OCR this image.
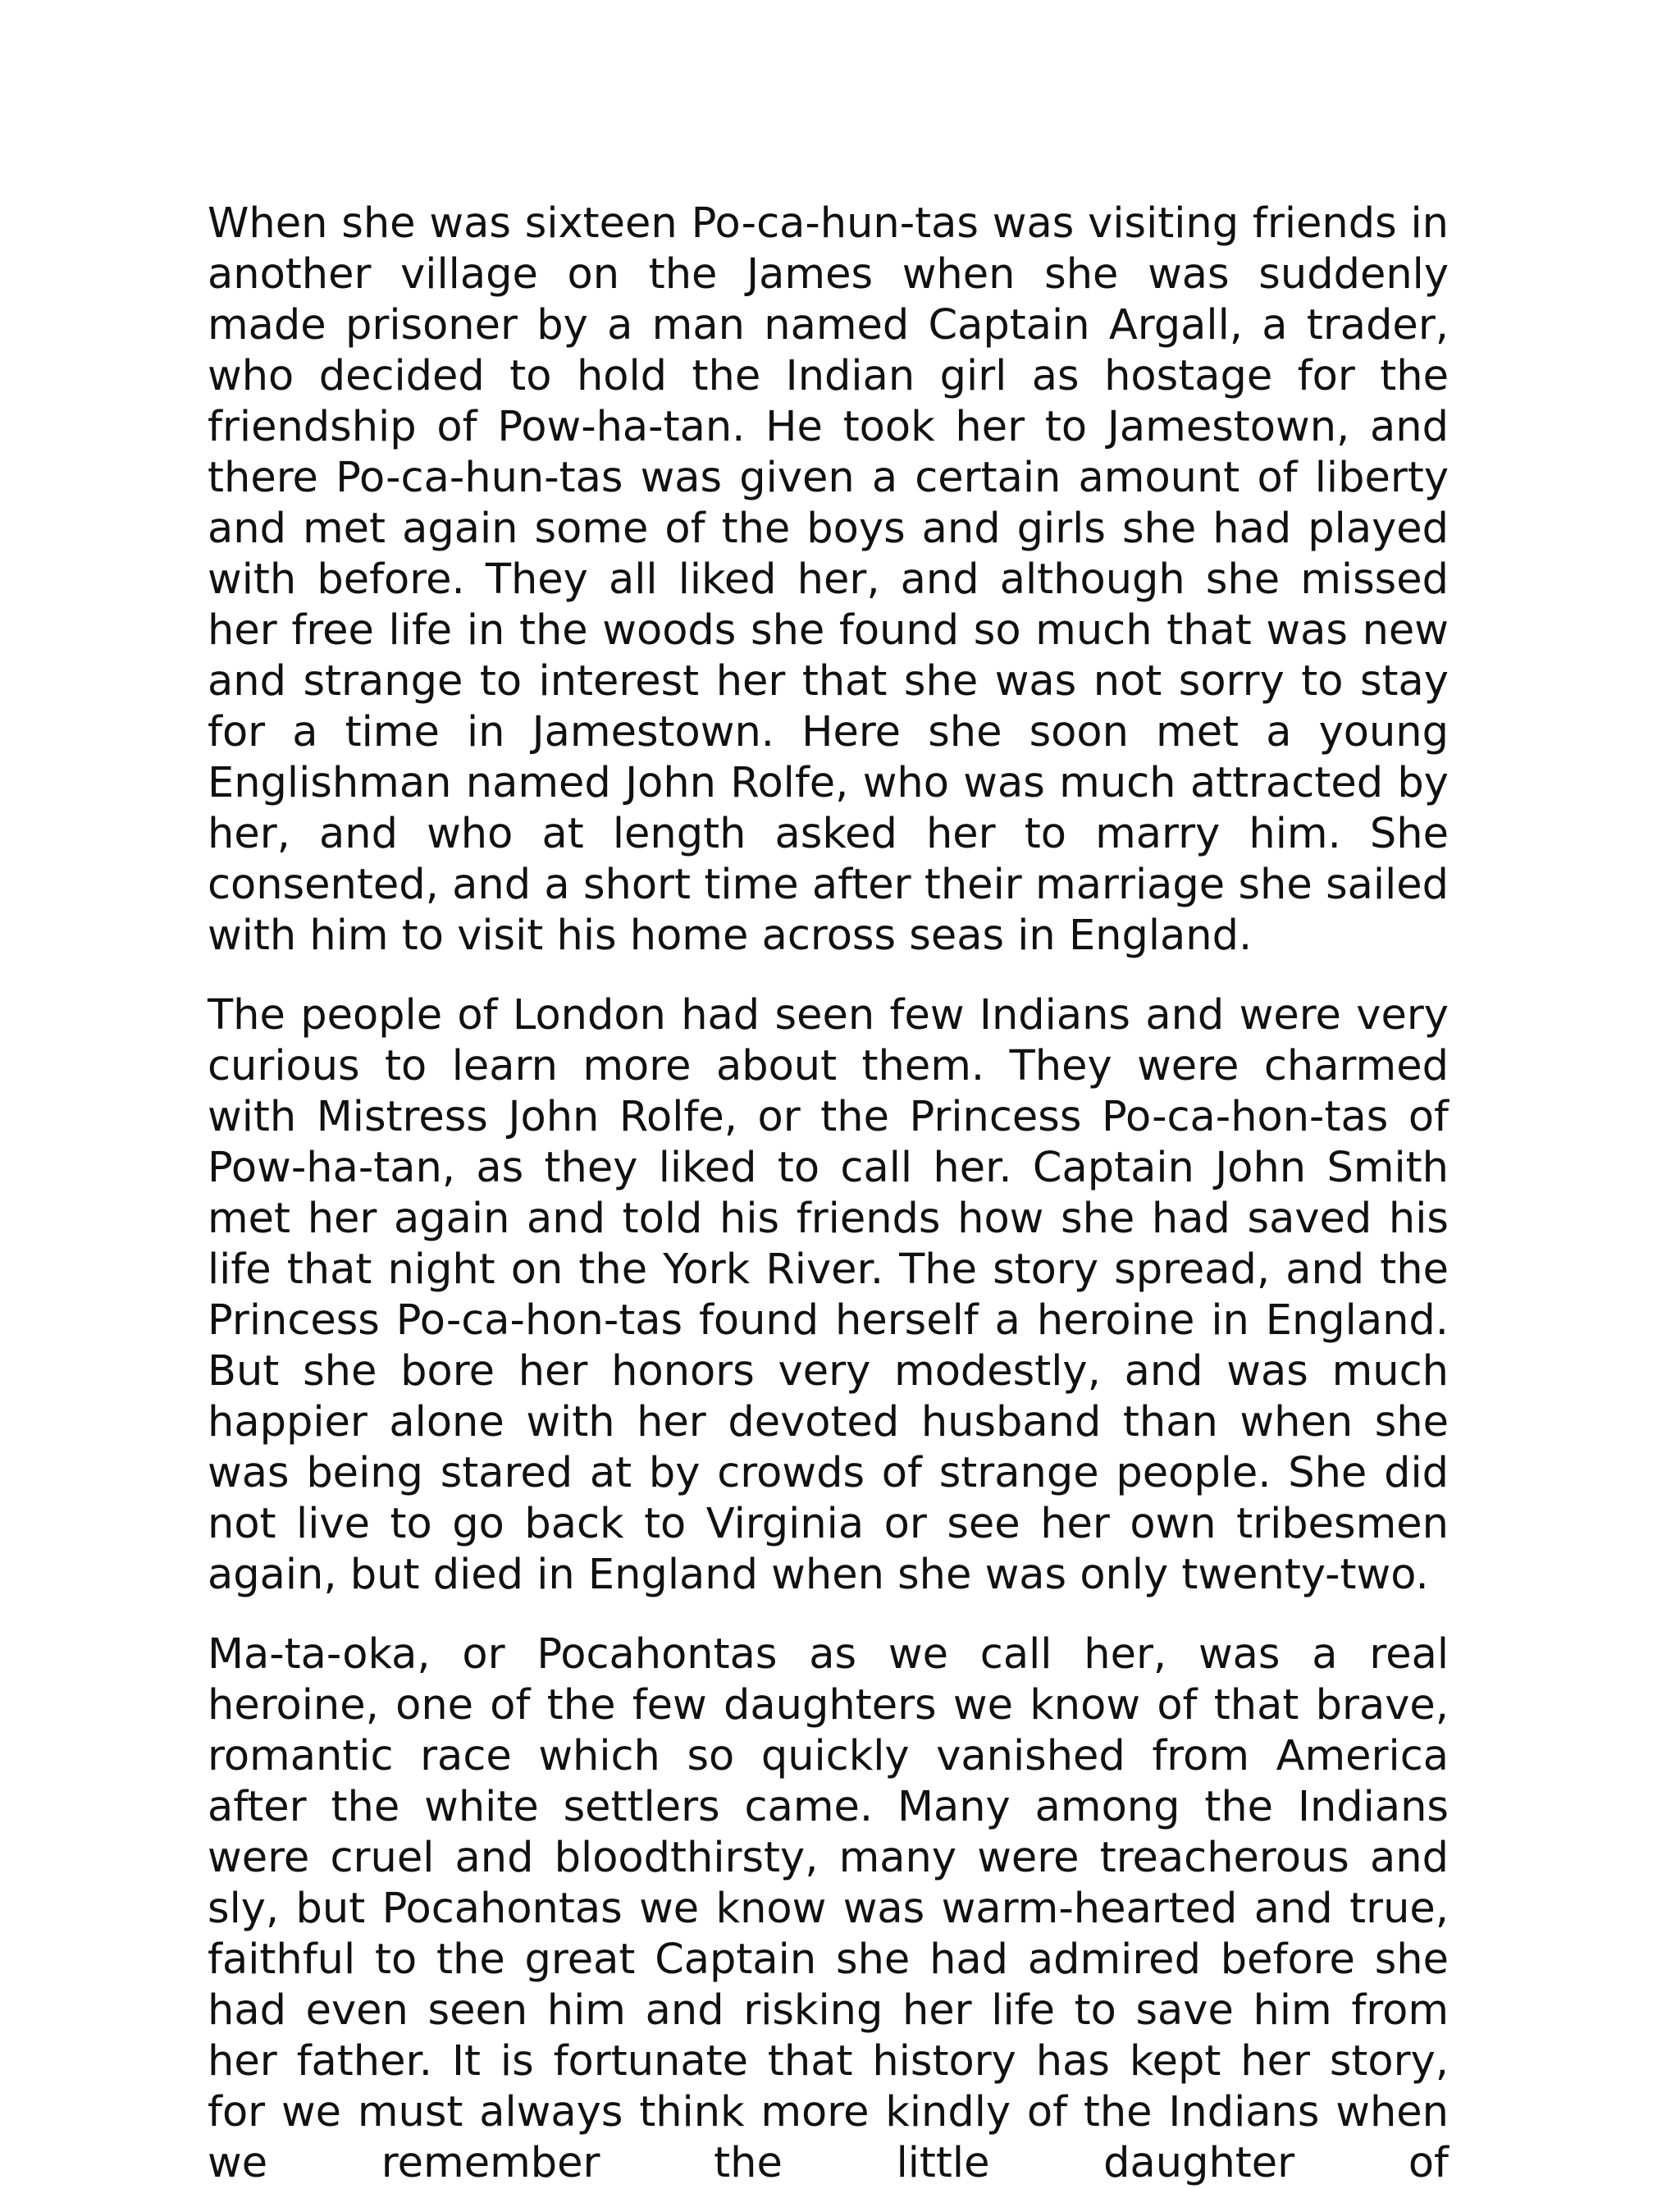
When she was sixteen Po-ca-hun-tas was visiting friends in another village on the James when she was suddenly made prisoner by a man named Captain Argall, a trader, who decided to hold the Indian girl as hostage for the friendship of Pow-ha-tan. He took her to Jamestown, and there Po-ca-hun-tas was given a certain amount of liberty and met again some of the boys and girls she had played with before. They all liked her, and although she missed her free life in the woods she found so much that was new and strange to interest her that she was not sorry to stay for a time in Jamestown. Here she soon met a young Englishman named John Rolfe, who was much attracted by her, and who at length asked her to marry him. She consented, and a short time after their marriage she sailed with him to visit his home across seas in England.

The people of London had seen few Indians and were very curious to learn more about them. They were charmed with Mistress John Rolfe, or the Princess Po-ca-hon-tas of Pow-ha-tan, as they liked to call her. Captain John Smith met her again and told his friends how she had saved his life that night on the York River. The story spread, and the Princess Po-ca-hon-tas found herself a heroine in England. But she bore her honors very modestly, and was much happier alone with her devoted husband than when she was being stared at by crowds of strange people. She did not live to go back to Virginia or see her own tribesmen again, but died in England when she was only twenty-two.

Ma-ta-oka, or Pocahontas as we call her, was a real heroine, one of the few daughters we know of that brave, romantic race which so quickly vanished from America after the white settlers came. Many among the Indians were cruel and bloodthirsty, many were treacherous and sly, but Pocahontas we know was warm-hearted and true, faithful to the great Captain she had admired before she had even seen him and risking her life to save him from her father. It is fortunate that history has kept her story, for we must always think more kindly of the Indians when we remember the little daughter of
